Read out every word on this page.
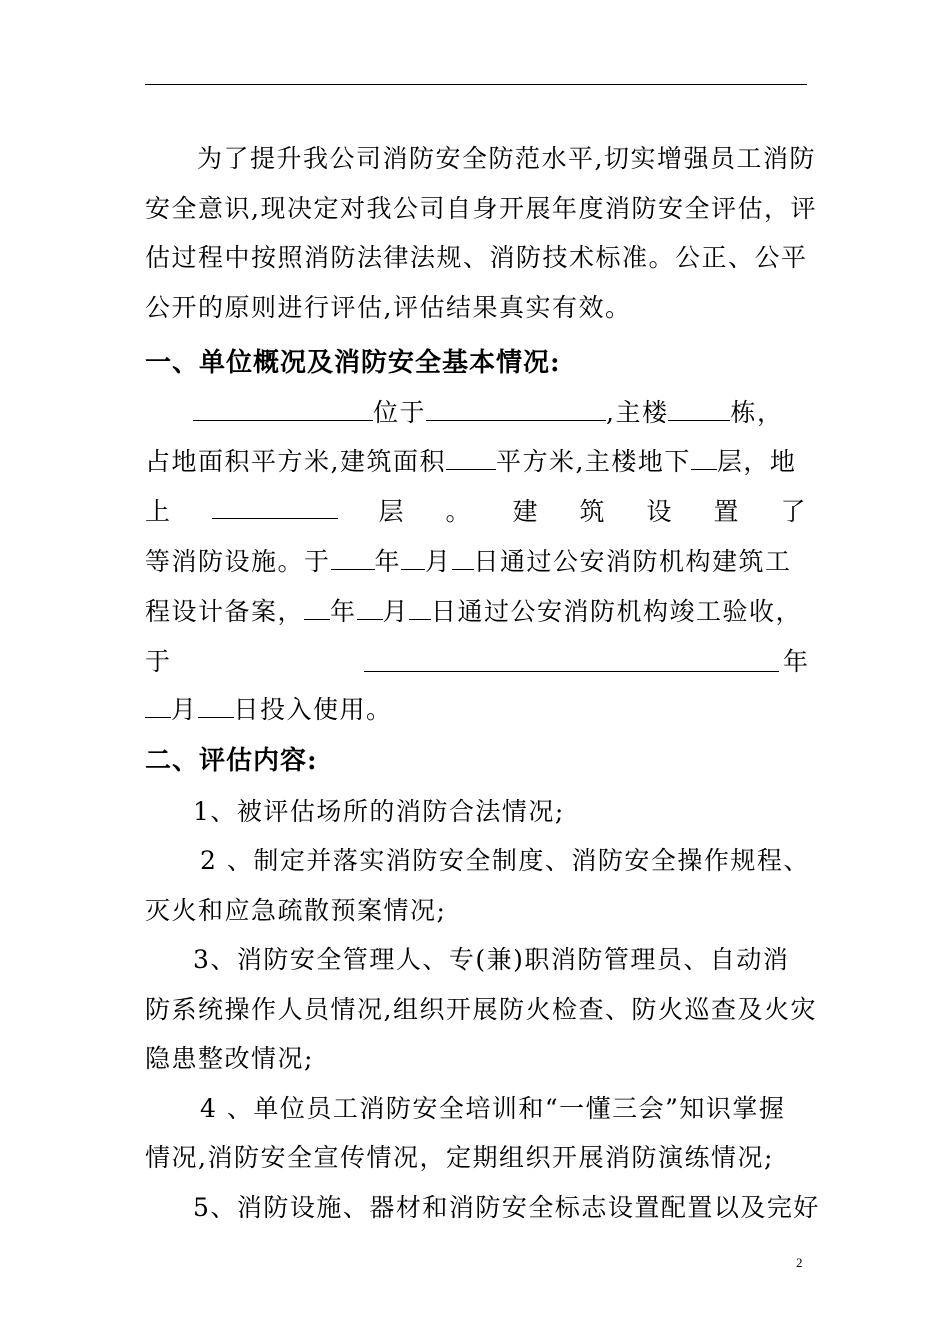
为了提升我公司消防安全防范水平,切实增强员工消防
安全意识,现决定对我公司自身开展年度消防安全评估，评
估过程中按照消防法律法规、消防技术标准。公正、公平
公开的原则进行评估,评估结果真实有效。
一、单位概况及消防安全基本情况:
位于	,主楼 栋，
占地面积平方米,建筑面积 平方米,主楼地下 层，地
上	层 。 建 筑 设 置 了
等消防设施。于 年 月 日通过公安消防机构建筑工
程设计备案， 年 月 日通过公安消防机构竣工验收，
于	年
月 日投入使用。
二、评估内容:
1、被评估场所的消防合法情况;
2 、制定并落实消防安全制度、消防安全操作规程、
灭火和应急疏散预案情况;
3、消防安全管理人、专(兼)职消防管理员、自动消
防系统操作人员情况,组织开展防火检查、防火巡查及火灾
隐患整改情况;
4 、单位员工消防安全培训和“一懂三会”知识掌握
情况,消防安全宣传情况，定期组织开展消防演练情况;
5、消防设施、器材和消防安全标志设置配置以及完好
2
